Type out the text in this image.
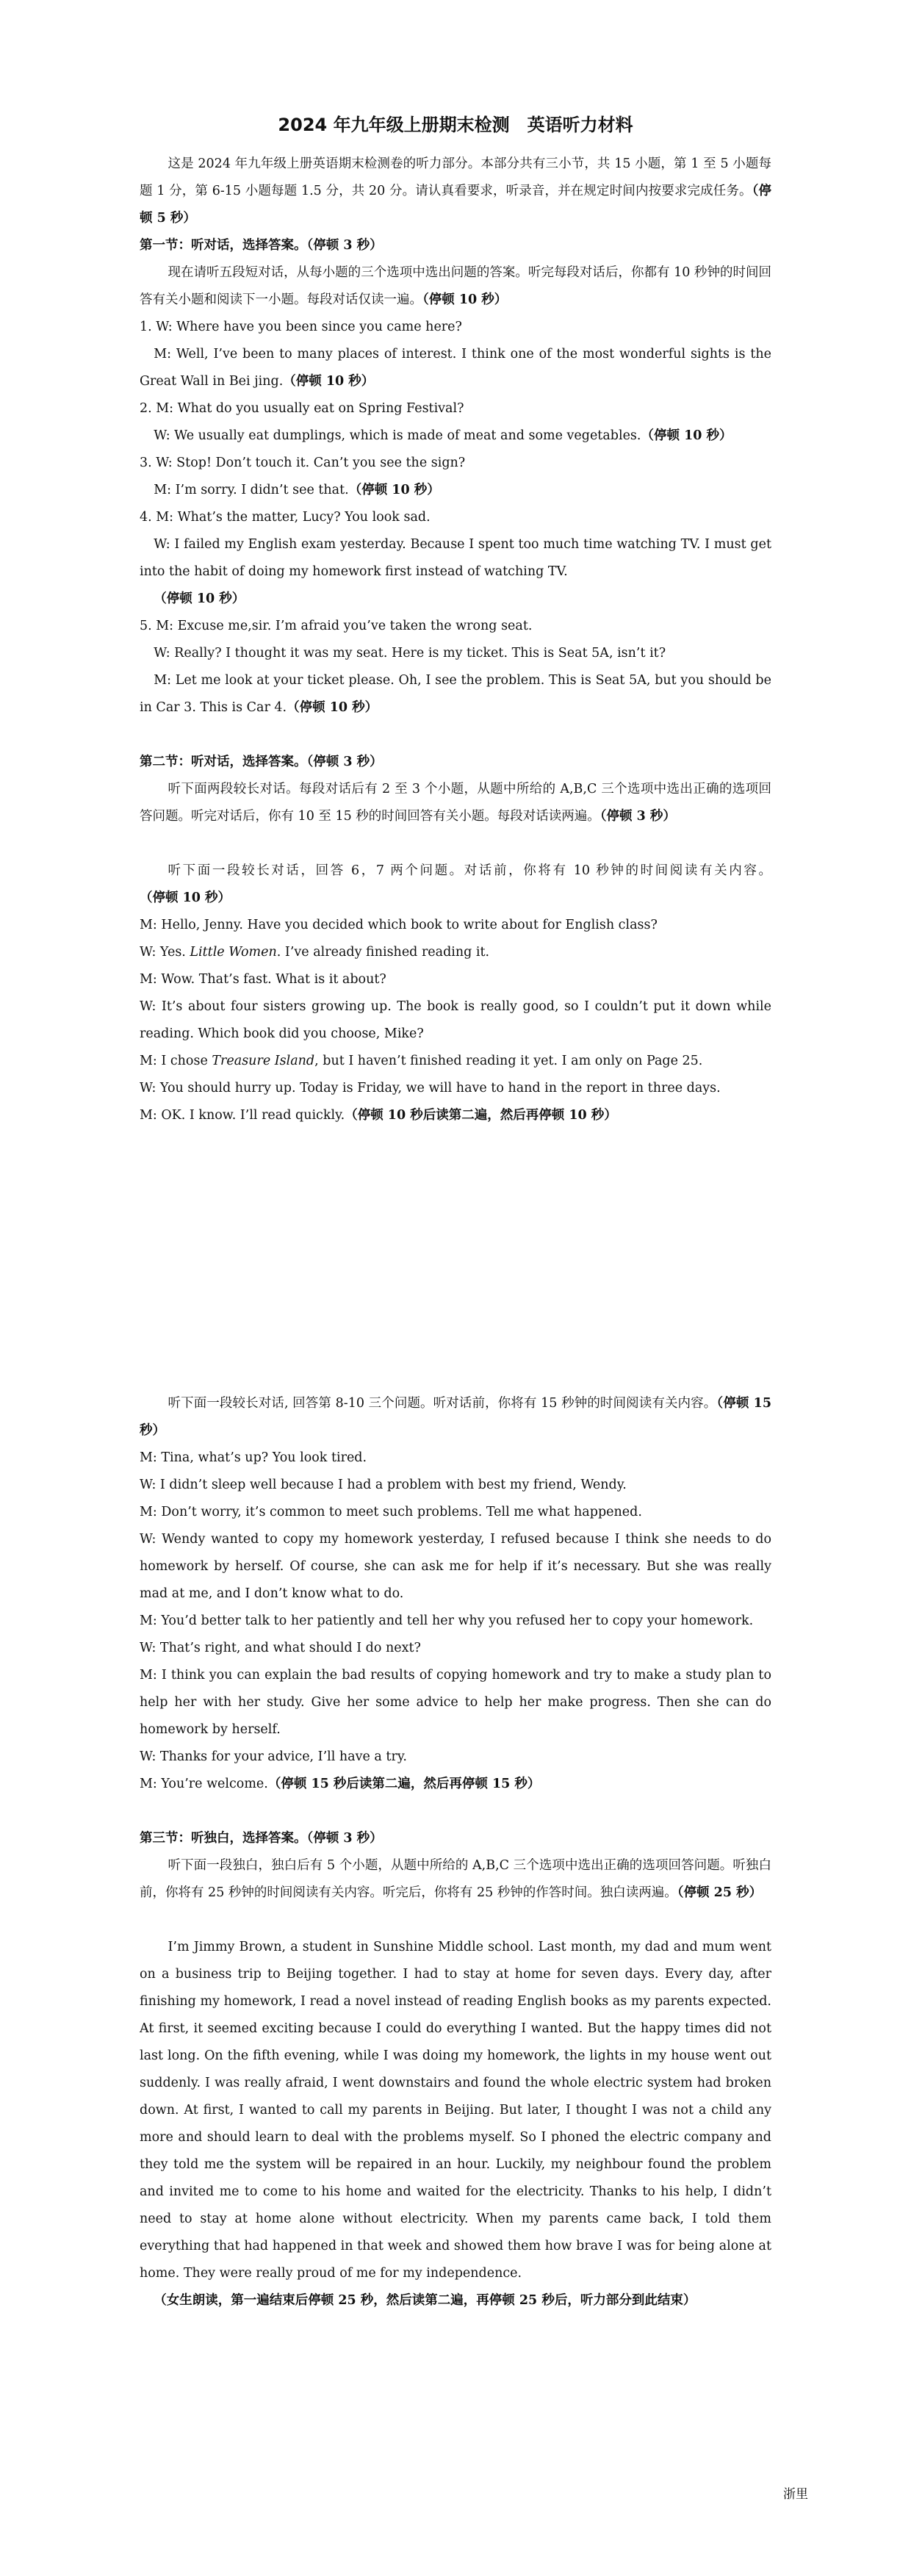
2024 年九年级上册期末检测　英语听力材料
这是 2024 年九年级上册英语期末检测卷的听力部分。本部分共有三小节，共 15 小题，第 1 至 5 小题每题 1 分，第 6-15 小题每题 1.5 分，共 20 分。请认真看要求，听录音，并在规定时间内按要求完成任务。（停顿 5 秒）
第一节：听对话，选择答案。（停顿 3 秒）
现在请听五段短对话，从每小题的三个选项中选出问题的答案。听完每段对话后，你都有 10 秒钟的时间回答有关小题和阅读下一小题。每段对话仅读一遍。（停顿 10 秒）
1. W: Where have you been since you came here?
M: Well, I’ve been to many places of interest. I think one of the most wonderful sights is the Great Wall in Bei jing.（停顿 10 秒）
2. M: What do you usually eat on Spring Festival?
W: We usually eat dumplings, which is made of meat and some vegetables.（停顿 10 秒）
3. W: Stop! Don’t touch it. Can’t you see the sign?
M: I’m sorry. I didn’t see that.（停顿 10 秒）
4. M: What’s the matter, Lucy? You look sad.
W: I failed my English exam yesterday. Because I spent too much time watching TV. I must get into the habit of doing my homework first instead of watching TV.
（停顿 10 秒）
5. M: Excuse me,sir. I’m afraid you’ve taken the wrong seat.
W: Really? I thought it was my seat. Here is my ticket. This is Seat 5A, isn’t it?
M: Let me look at your ticket please. Oh, I see the problem. This is Seat 5A, but you should be in Car 3. This is Car 4.（停顿 10 秒）
第二节：听对话，选择答案。（停顿 3 秒）
听下面两段较长对话。每段对话后有 2 至 3 个小题，从题中所给的 A,B,C 三个选项中选出正确的选项回答问题。听完对话后，你有 10 至 15 秒的时间回答有关小题。每段对话读两遍。（停顿 3 秒）
听下面一段较长对话，回答 6，7 两个问题。对话前，你将有 10 秒钟的时间阅读有关内容。（停顿 10 秒）
M: Hello, Jenny. Have you decided which book to write about for English class?
W: Yes. Little Women. I’ve already finished reading it.
M: Wow. That’s fast. What is it about?
W: It’s about four sisters growing up. The book is really good, so I couldn’t put it down while reading. Which book did you choose, Mike?
M: I chose Treasure Island, but I haven’t finished reading it yet. I am only on Page 25.
W: You should hurry up. Today is Friday, we will have to hand in the report in three days.
M: OK. I know. I’ll read quickly.（停顿 10 秒后读第二遍，然后再停顿 10 秒）
听下面一段较长对话, 回答第 8-10 三个问题。听对话前，你将有 15 秒钟的时间阅读有关内容。（停顿 15 秒）
M: Tina, what’s up? You look tired.
W: I didn’t sleep well because I had a problem with best my friend, Wendy.
M: Don’t worry, it’s common to meet such problems. Tell me what happened.
W: Wendy wanted to copy my homework yesterday, I refused because I think she needs to do homework by herself. Of course, she can ask me for help if it’s necessary. But she was really mad at me, and I don’t know what to do.
M: You’d better talk to her patiently and tell her why you refused her to copy your homework.
W: That’s right, and what should I do next?
M: I think you can explain the bad results of copying homework and try to make a study plan to help her with her study. Give her some advice to help her make progress. Then she can do homework by herself.
W: Thanks for your advice, I’ll have a try.
M: You’re welcome.（停顿 15 秒后读第二遍，然后再停顿 15 秒）
第三节：听独白，选择答案。（停顿 3 秒）
听下面一段独白，独白后有 5 个小题，从题中所给的 A,B,C 三个选项中选出正确的选项回答问题。听独白前，你将有 25 秒钟的时间阅读有关内容。听完后，你将有 25 秒钟的作答时间。独白读两遍。（停顿 25 秒）
I’m Jimmy Brown, a student in Sunshine Middle school. Last month, my dad and mum went on a business trip to Beijing together. I had to stay at home for seven days. Every day, after finishing my homework, I read a novel instead of reading English books as my parents expected. At first, it seemed exciting because I could do everything I wanted. But the happy times did not last long. On the fifth evening, while I was doing my homework, the lights in my house went out suddenly. I was really afraid, I went downstairs and found the whole electric system had broken down. At first, I wanted to call my parents in Beijing. But later, I thought I was not a child any more and should learn to deal with the problems myself. So I phoned the electric company and they told me the system will be repaired in an hour. Luckily, my neighbour found the problem and invited me to come to his home and waited for the electricity. Thanks to his help, I didn’t need to stay at home alone without electricity. When my parents came back, I told them everything that had happened in that week and showed them how brave I was for being alone at home. They were really proud of me for my independence.
（女生朗读，第一遍结束后停顿 25 秒，然后读第二遍，再停顿 25 秒后，听力部分到此结束）
浙里
